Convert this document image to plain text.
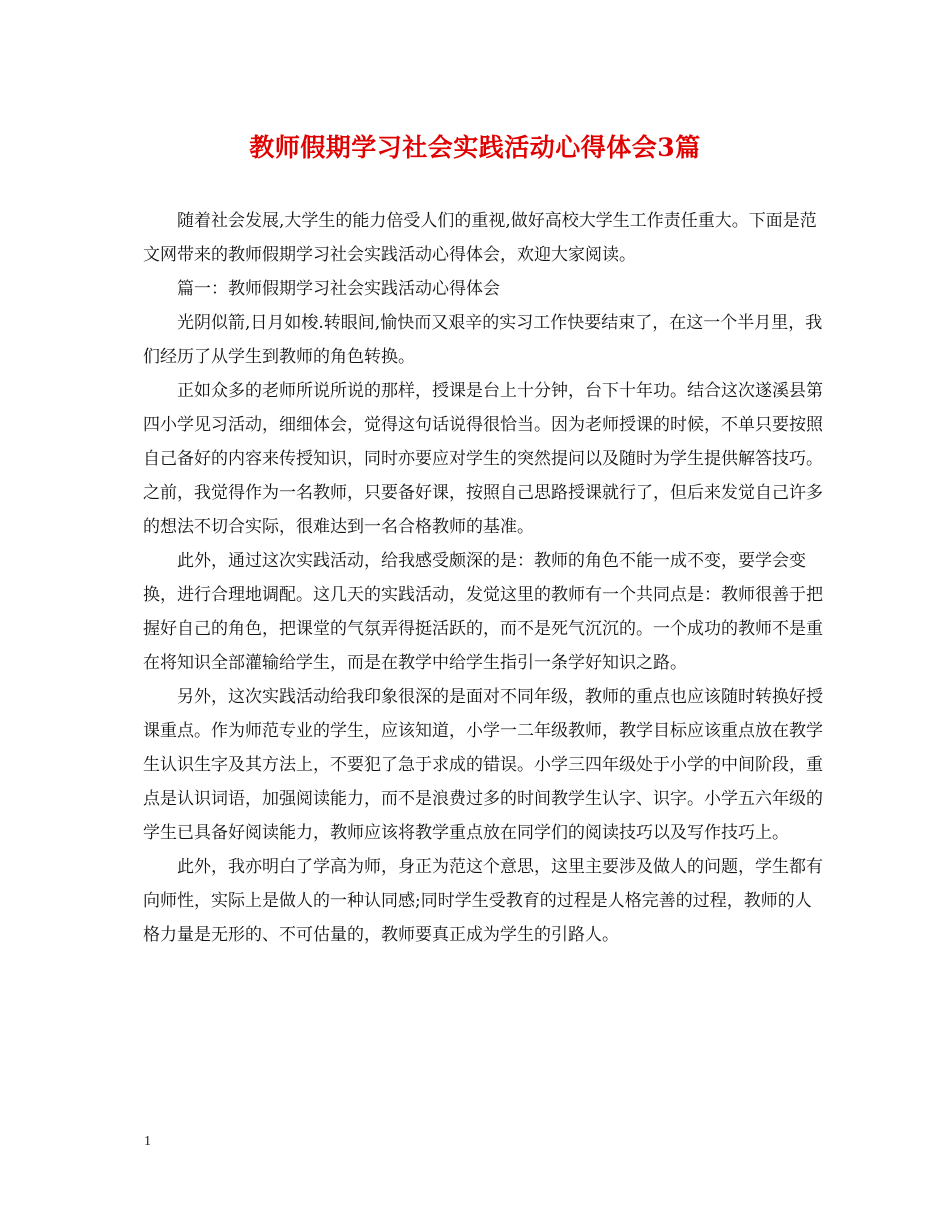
教师假期学习社会实践活动心得体会3篇

随着社会发展,大学生的能力倍受人们的重视,做好高校大学生工作责任重大。下面是范文网带来的教师假期学习社会实践活动心得体会，欢迎大家阅读。

篇一：教师假期学习社会实践活动心得体会

光阴似箭,日月如梭.转眼间,愉快而又艰辛的实习工作快要结束了，在这一个半月里，我们经历了从学生到教师的角色转换。

正如众多的老师所说所说的那样，授课是台上十分钟，台下十年功。结合这次遂溪县第四小学见习活动，细细体会，觉得这句话说得很恰当。因为老师授课的时候，不单只要按照自己备好的内容来传授知识，同时亦要应对学生的突然提问以及随时为学生提供解答技巧。之前，我觉得作为一名教师，只要备好课，按照自己思路授课就行了，但后来发觉自己许多的想法不切合实际，很难达到一名合格教师的基准。

此外，通过这次实践活动，给我感受颇深的是：教师的角色不能一成不变，要学会变换，进行合理地调配。这几天的实践活动，发觉这里的教师有一个共同点是：教师很善于把握好自己的角色，把课堂的气氛弄得挺活跃的，而不是死气沉沉的。一个成功的教师不是重在将知识全部灌输给学生，而是在教学中给学生指引一条学好知识之路。

另外，这次实践活动给我印象很深的是面对不同年级，教师的重点也应该随时转换好授课重点。作为师范专业的学生，应该知道，小学一二年级教师，教学目标应该重点放在教学生认识生字及其方法上，不要犯了急于求成的错误。小学三四年级处于小学的中间阶段，重点是认识词语，加强阅读能力，而不是浪费过多的时间教学生认字、识字。小学五六年级的学生已具备好阅读能力，教师应该将教学重点放在同学们的阅读技巧以及写作技巧上。

此外，我亦明白了学高为师，身正为范这个意思，这里主要涉及做人的问题，学生都有向师性，实际上是做人的一种认同感;同时学生受教育的过程是人格完善的过程，教师的人格力量是无形的、不可估量的，教师要真正成为学生的引路人。

1
